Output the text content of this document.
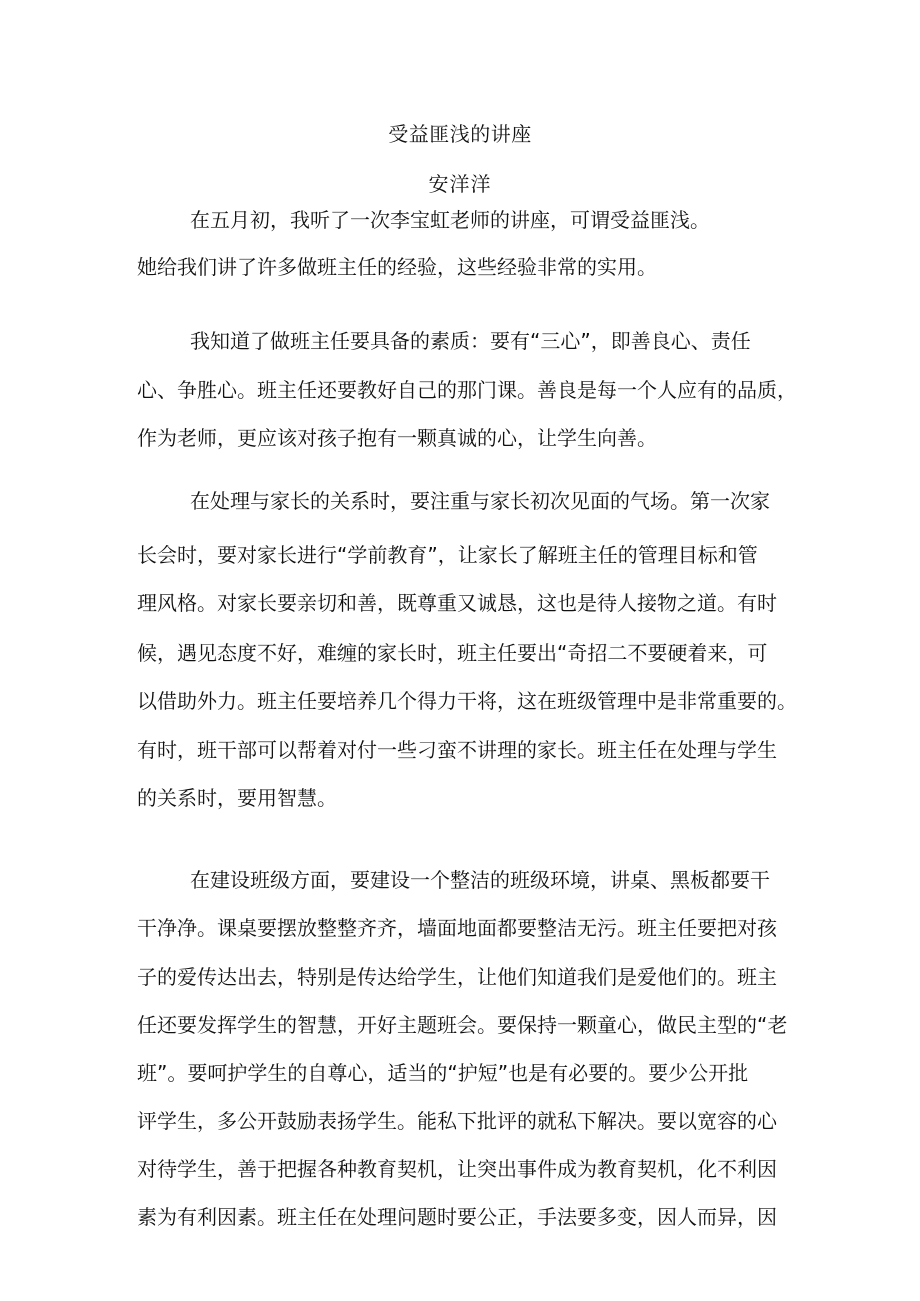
受益匪浅的讲座
安洋洋
在五月初，我听了一次李宝虹老师的讲座，可谓受益匪浅。
她给我们讲了许多做班主任的经验，这些经验非常的实用。
我知道了做班主任要具备的素质：要有“三心”，即善良心、责任
心、争胜心。班主任还要教好自己的那门课。善良是每一个人应有的品质，
作为老师，更应该对孩子抱有一颗真诚的心，让学生向善。
在处理与家长的关系时，要注重与家长初次见面的气场。第一次家
长会时，要对家长进行“学前教育”，让家长了解班主任的管理目标和管
理风格。对家长要亲切和善，既尊重又诚恳，这也是待人接物之道。有时
候，遇见态度不好，难缠的家长时，班主任要出“奇招二不要硬着来，可
以借助外力。班主任要培养几个得力干将，这在班级管理中是非常重要的。
有时，班干部可以帮着对付一些刁蛮不讲理的家长。班主任在处理与学生
的关系时，要用智慧。
在建设班级方面，要建设一个整洁的班级环境，讲桌、黑板都要干
干净净。课桌要摆放整整齐齐，墙面地面都要整洁无污。班主任要把对孩
子的爱传达出去，特别是传达给学生，让他们知道我们是爱他们的。班主
任还要发挥学生的智慧，开好主题班会。要保持一颗童心，做民主型的“老
班”。要呵护学生的自尊心，适当的“护短”也是有必要的。要少公开批
评学生，多公开鼓励表扬学生。能私下批评的就私下解决。要以宽容的心
对待学生，善于把握各种教育契机，让突出事件成为教育契机，化不利因
素为有利因素。班主任在处理问题时要公正，手法要多变，因人而异，因
